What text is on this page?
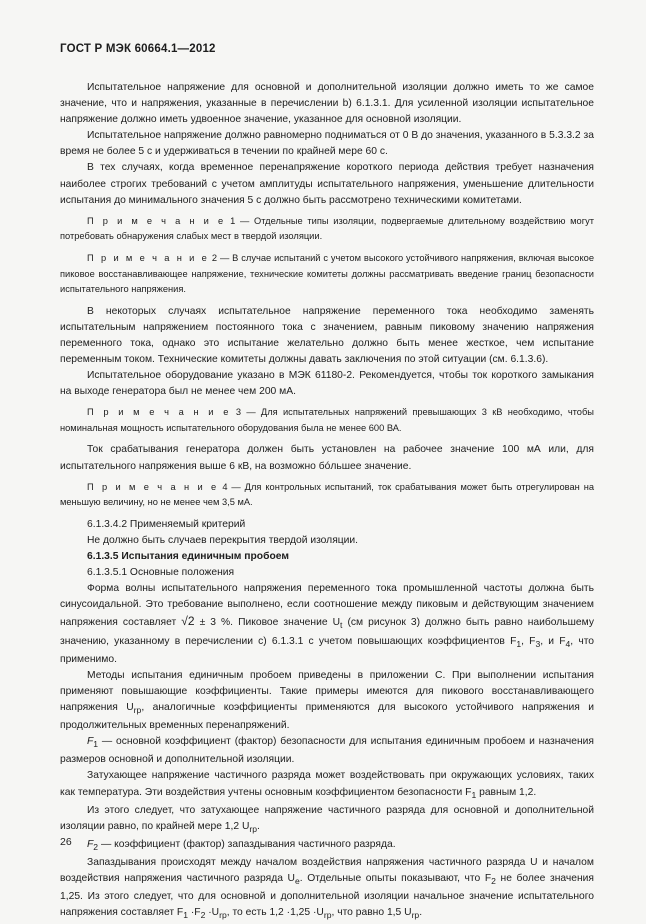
ГОСТ Р МЭК 60664.1—2012

Испытательное напряжение для основной и дополнительной изоляции должно иметь то же самое значение, что и напряжения, указанные в перечислении b) 6.1.3.1. Для усиленной изоляции испытательное напряжение должно иметь удвоенное значение, указанное для основной изоляции.

Испытательное напряжение должно равномерно подниматься от 0 В до значения, указанного в 5.3.3.2 за время не более 5 с и удерживаться в течении по крайней мере 60 с.

В тех случаях, когда временное перенапряжение короткого периода действия требует назначения наиболее строгих требований с учетом амплитуды испытательного напряжения, уменьшение длительности испытания до минимального значения 5 с должно быть рассмотрено техническими комитетами.

П р и м е ч а н и е 1 — Отдельные типы изоляции, подвергаемые длительному воздействию могут потребовать обнаружения слабых мест в твердой изоляции.

П р и м е ч а н и е 2 — В случае испытаний с учетом высокого устойчивого напряжения, включая высокое пиковое восстанавливающее напряжение, технические комитеты должны рассматривать введение границ безопасности испытательного напряжения.

В некоторых случаях испытательное напряжение переменного тока необходимо заменять испытательным напряжением постоянного тока с значением, равным пиковому значению напряжения переменного тока, однако это испытание желательно должно быть менее жесткое, чем испытание переменным током. Технические комитеты должны давать заключения по этой ситуации (см. 6.1.3.6).

Испытательное оборудование указано в МЭК 61180-2. Рекомендуется, чтобы ток короткого замыкания на выходе генератора был не менее чем 200 мА.

П р и м е ч а н и е 3 — Для испытательных напряжений превышающих 3 кВ необходимо, чтобы номинальная мощность испытательного оборудования была не менее 600 ВА.

Ток срабатывания генератора должен быть установлен на рабочее значение 100 мА или, для испытательного напряжения выше 6 кВ, на возможно бóльшее значение.

П р и м е ч а н и е 4 — Для контрольных испытаний, ток срабатывания может быть отрегулирован на меньшую величину, но не менее чем 3,5 мА.

6.1.3.4.2 Применяемый критерий

Не должно быть случаев перекрытия твердой изоляции.

6.1.3.5 Испытания единичным пробоем

6.1.3.5.1 Основные положения

Форма волны испытательного напряжения переменного тока промышленной частоты должна быть синусоидальной. Это требование выполнено, если соотношение между пиковым и действующим значением напряжения составляет √2 ± 3 %. Пиковое значение $U_t$ (см рисунок 3) должно быть равно наибольшему значению, указанному в перечислении c) 6.1.3.1 с учетом повышающих коэффициентов $F_1$, $F_3$, и $F_4$, что применимо.

Методы испытания единичным пробоем приведены в приложении С. При выполнении испытания применяют повышающие коэффициенты. Такие примеры имеются для пикового восстанавливающего напряжения $U_{rp}$, аналогичные коэффициенты применяются для высокого устойчивого напряжения и продолжительных временных перенапряжений.

$F_1$ — основной коэффициент (фактор) безопасности для испытания единичным пробоем и назначения размеров основной и дополнительной изоляции.

Затухающее напряжение частичного разряда может воздействовать при окружающих условиях, таких как температура. Эти воздействия учтены основным коэффициентом безопасности $F_1$ равным 1,2.

Из этого следует, что затухающее напряжение частичного разряда для основной и дополнительной изоляции равно, по крайней мере 1,2 $U_{rp}$.

$F_2$ — коэффициент (фактор) запаздывания частичного разряда.

Запаздывания происходят между началом воздействия напряжения частичного разряда U и началом воздействия напряжения частичного разряда $U_e$. Отдельные опыты показывают, что $F_2$ не более значения 1,25. Из этого следует, что для основной и дополнительной изоляции начальное значение испытательного напряжения составляет $F_1 \cdot F_2 \cdot U_{rp}$, то есть $1,2 \cdot 1,25 \cdot U_{rp}$, что равно 1,5 $U_{rp}$.

26
